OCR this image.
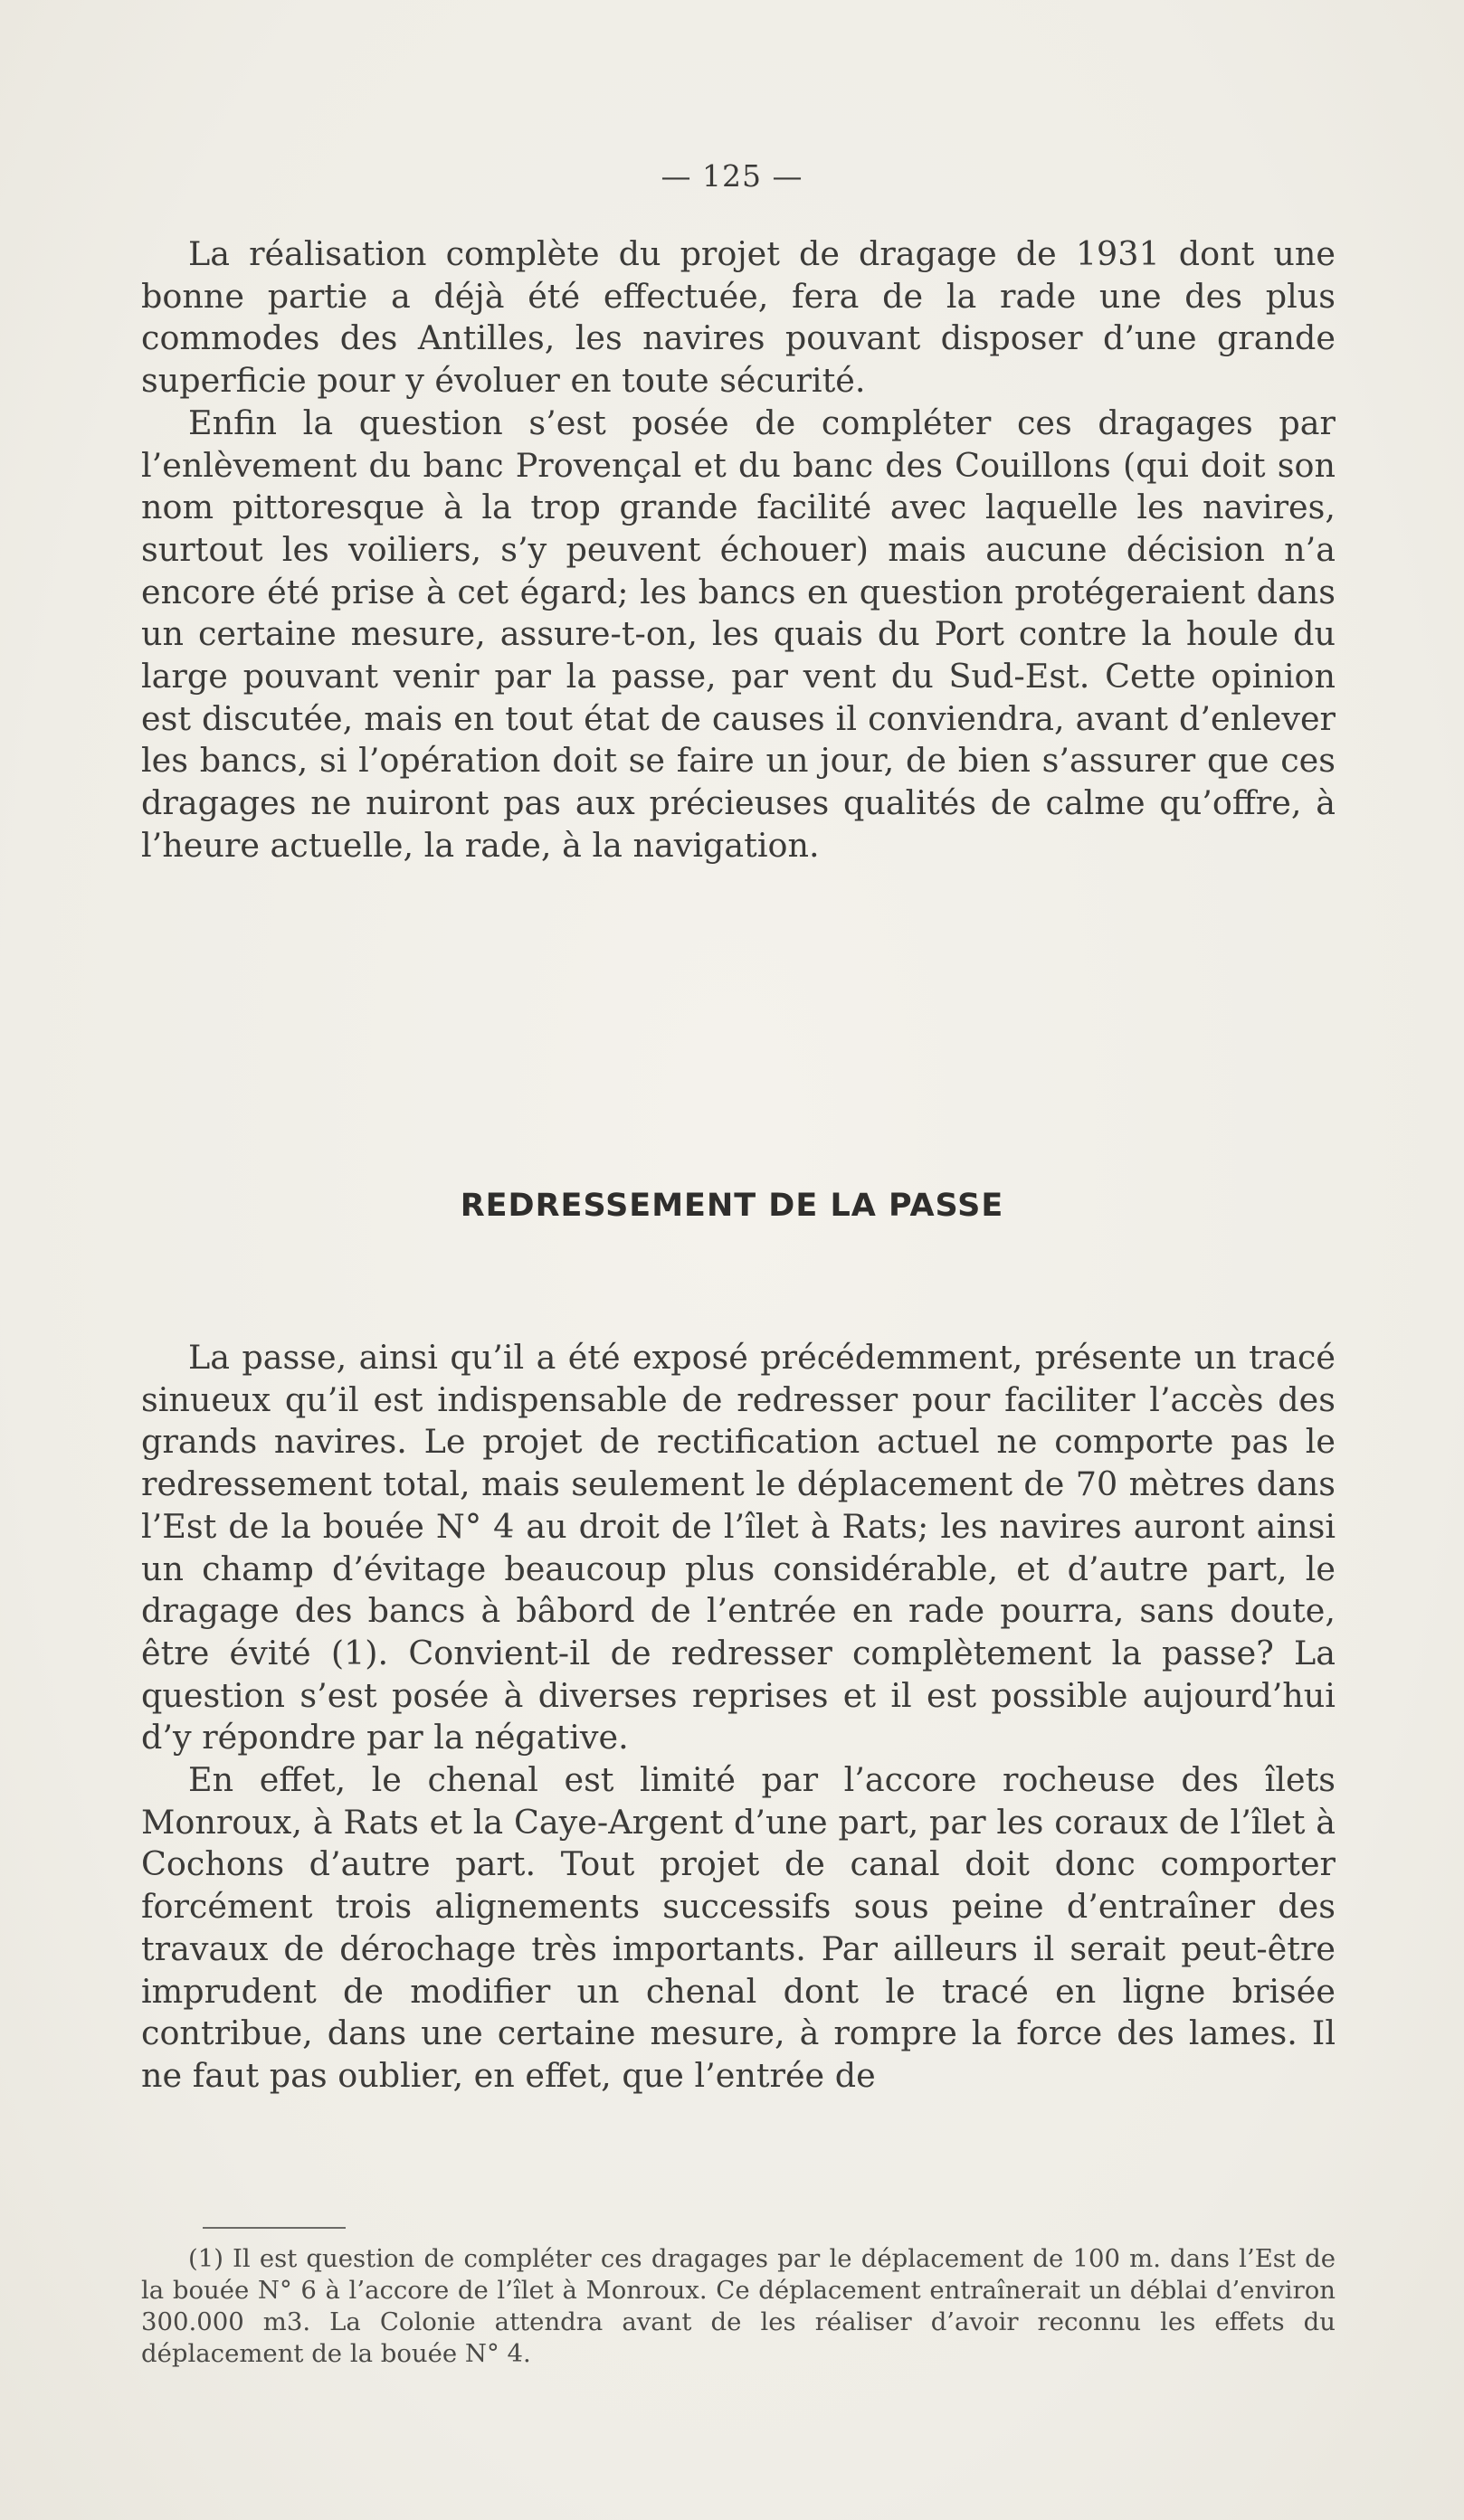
— 125 —

La réalisation complète du projet de dragage de 1931 dont une bonne partie a déjà été effectuée, fera de la rade une des plus commodes des Antilles, les navires pouvant disposer d’une grande superficie pour y évoluer en toute sécurité.

Enfin la question s’est posée de compléter ces dragages par l’enlèvement du banc Provençal et du banc des Couillons (qui doit son nom pittoresque à la trop grande facilité avec laquelle les navires, surtout les voiliers, s’y peuvent échouer) mais aucune décision n’a encore été prise à cet égard; les bancs en question protégeraient dans un certaine mesure, assure-t-on, les quais du Port contre la houle du large pouvant venir par la passe, par vent du Sud-Est. Cette opinion est discutée, mais en tout état de causes il conviendra, avant d’enlever les bancs, si l’opération doit se faire un jour, de bien s’assurer que ces dragages ne nuiront pas aux précieuses qualités de calme qu’offre, à l’heure actuelle, la rade, à la navigation.

REDRESSEMENT DE LA PASSE

La passe, ainsi qu’il a été exposé précédemment, présente un tracé sinueux qu’il est indispensable de redresser pour faciliter l’accès des grands navires. Le projet de rectification actuel ne comporte pas le redressement total, mais seulement le déplacement de 70 mètres dans l’Est de la bouée N° 4 au droit de l’îlet à Rats; les navires auront ainsi un champ d’évitage beaucoup plus considérable, et d’autre part, le dragage des bancs à bâbord de l’entrée en rade pourra, sans doute, être évité (1). Convient-il de redresser complètement la passe? La question s’est posée à diverses reprises et il est possible aujourd’hui d’y répondre par la négative.

En effet, le chenal est limité par l’accore rocheuse des îlets Monroux, à Rats et la Caye-Argent d’une part, par les coraux de l’îlet à Cochons d’autre part. Tout projet de canal doit donc comporter forcément trois alignements successifs sous peine d’entraîner des travaux de dérochage très importants. Par ailleurs il serait peut-être imprudent de modifier un chenal dont le tracé en ligne brisée contribue, dans une certaine mesure, à rompre la force des lames. Il ne faut pas oublier, en effet, que l’entrée de

(1) Il est question de compléter ces dragages par le déplacement de 100 m. dans l’Est de la bouée N° 6 à l’accore de l’îlet à Monroux. Ce déplacement entraînerait un déblai d’environ 300.000 m3. La Colonie attendra avant de les réaliser d’avoir reconnu les effets du déplacement de la bouée N° 4.
